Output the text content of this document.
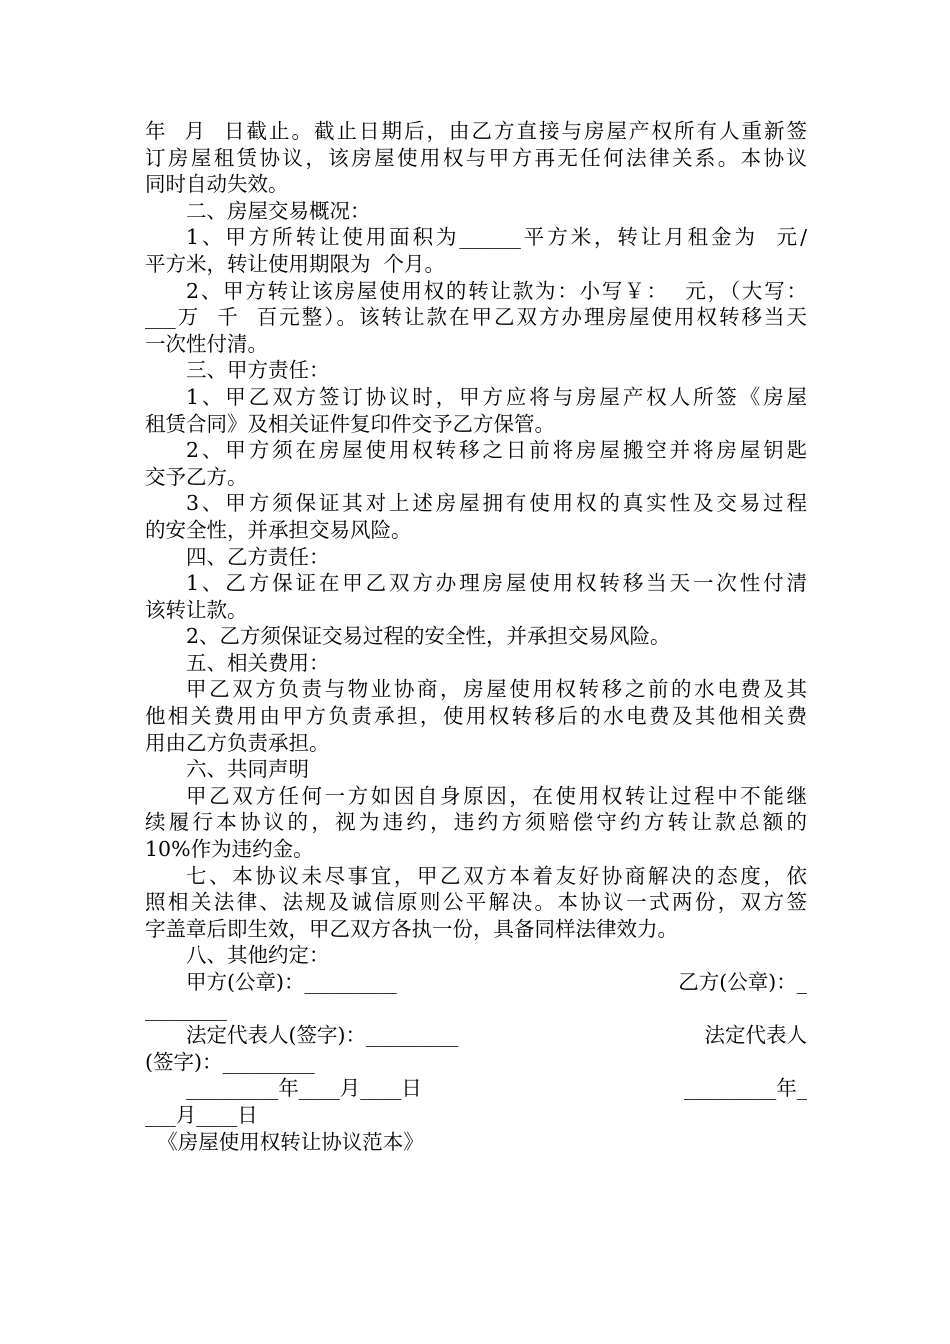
年  月  日截止。截止日期后，由乙方直接与房屋产权所有人重新签
订房屋租赁协议，该房屋使用权与甲方再无任何法律关系。本协议
同时自动失效。
二、房屋交易概况：
1、甲方所转让使用面积为______平方米，转让月租金为  元/
平方米，转让使用期限为  个月。
2、甲方转让该房屋使用权的转让款为：小写￥：  元，（大写：
___万  千  百元整）。该转让款在甲乙双方办理房屋使用权转移当天
一次性付清。
三、甲方责任：
1、甲乙双方签订协议时，甲方应将与房屋产权人所签《房屋
租赁合同》及相关证件复印件交予乙方保管。
2、甲方须在房屋使用权转移之日前将房屋搬空并将房屋钥匙
交予乙方。
3、甲方须保证其对上述房屋拥有使用权的真实性及交易过程
的安全性，并承担交易风险。
四、乙方责任：
1、乙方保证在甲乙双方办理房屋使用权转移当天一次性付清
该转让款。
2、乙方须保证交易过程的安全性，并承担交易风险。
五、相关费用：
甲乙双方负责与物业协商，房屋使用权转移之前的水电费及其
他相关费用由甲方负责承担，使用权转移后的水电费及其他相关费
用由乙方负责承担。
六、共同声明
甲乙双方任何一方如因自身原因，在使用权转让过程中不能继
续履行本协议的，视为违约，违约方须赔偿守约方转让款总额的
10%作为违约金。
七、本协议未尽事宜，甲乙双方本着友好协商解决的态度，依
照相关法律、法规及诚信原则公平解决。本协议一式两份，双方签
字盖章后即生效，甲乙双方各执一份，具备同样法律效力。
八、其他约定：
甲方(公章)：_________	乙方(公章)：_
________
法定代表人(签字)：_________	法定代表人
(签字)：_________
_________年____月____日	_________年_
___月____日
《房屋使用权转让协议范本》
